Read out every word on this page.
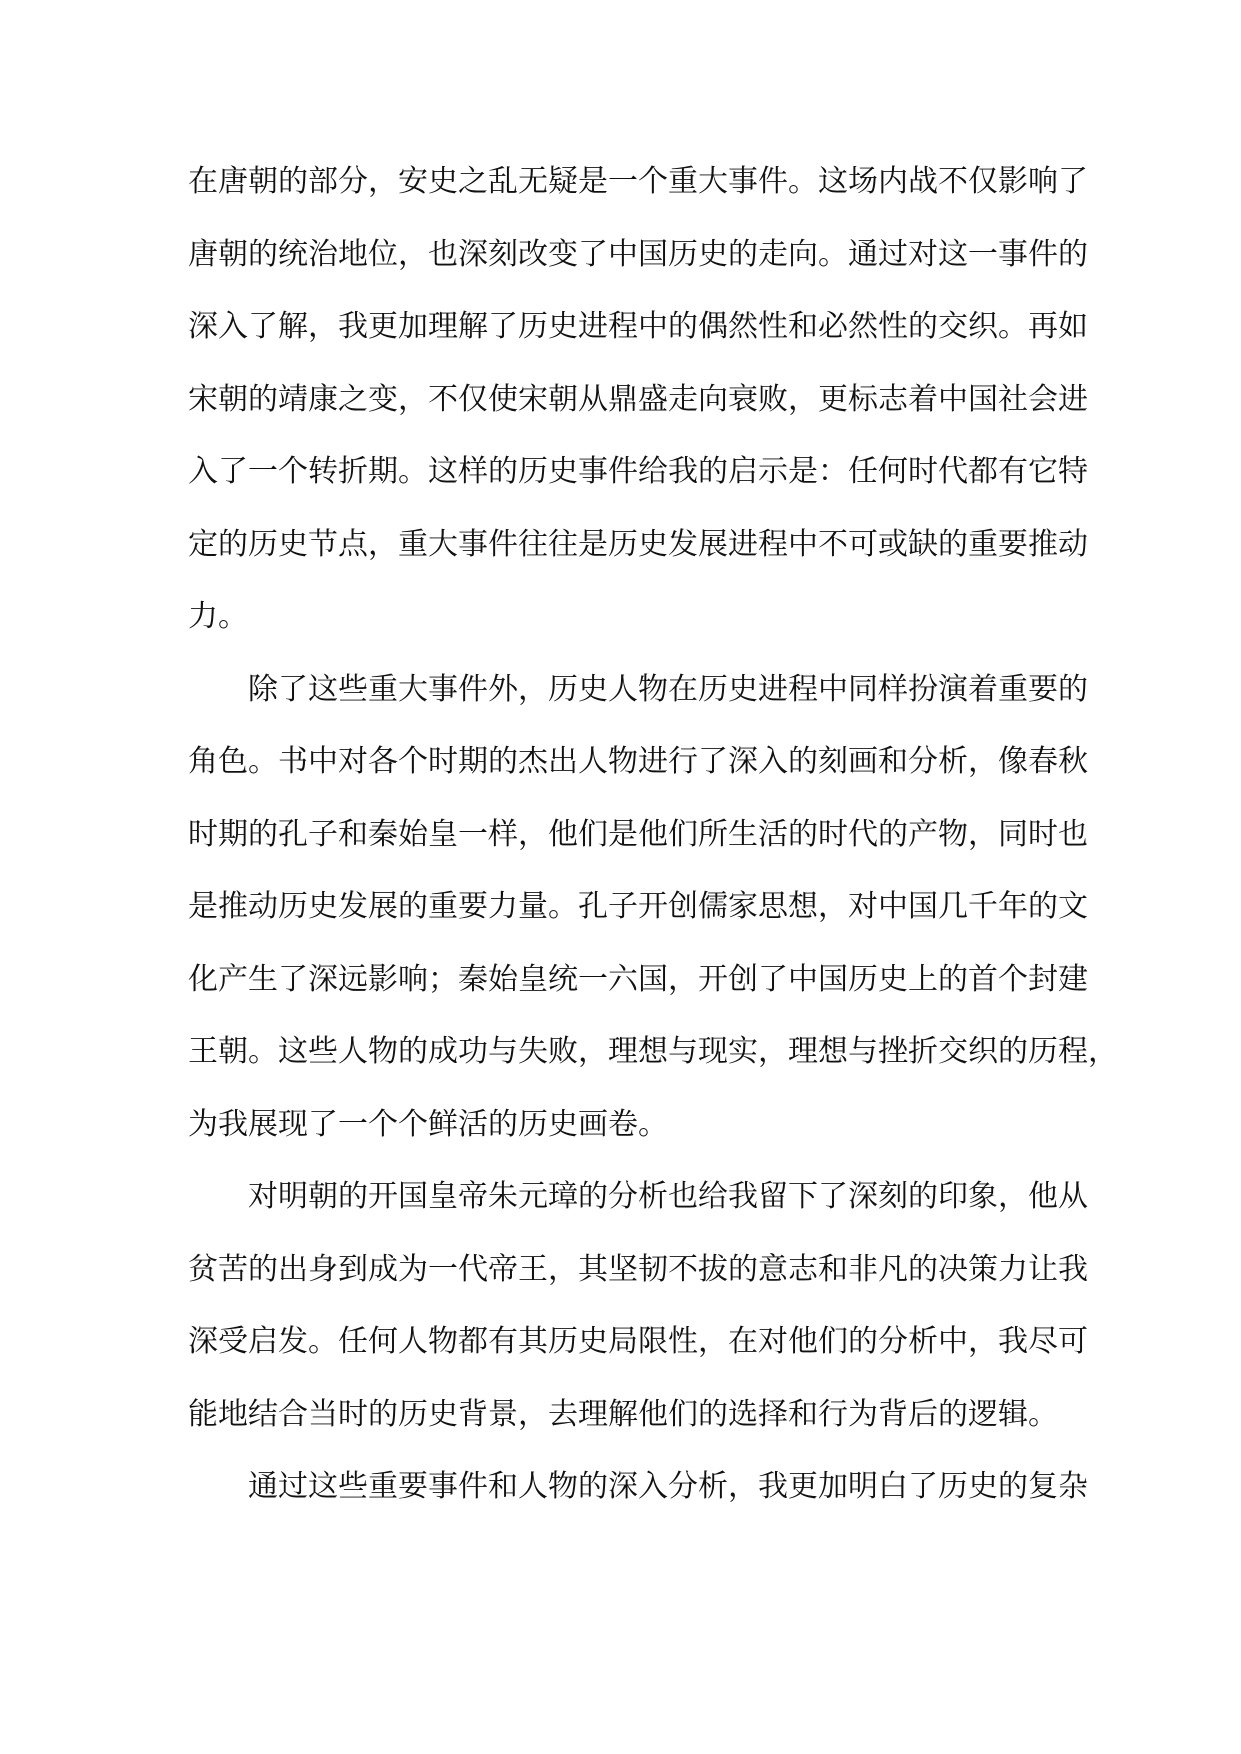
在唐朝的部分，安史之乱无疑是一个重大事件。这场内战不仅影响了
唐朝的统治地位，也深刻改变了中国历史的走向。通过对这一事件的
深入了解，我更加理解了历史进程中的偶然性和必然性的交织。再如
宋朝的靖康之变，不仅使宋朝从鼎盛走向衰败，更标志着中国社会进
入了一个转折期。这样的历史事件给我的启示是：任何时代都有它特
定的历史节点，重大事件往往是历史发展进程中不可或缺的重要推动
力。
除了这些重大事件外，历史人物在历史进程中同样扮演着重要的
角色。书中对各个时期的杰出人物进行了深入的刻画和分析，像春秋
时期的孔子和秦始皇一样，他们是他们所生活的时代的产物，同时也
是推动历史发展的重要力量。孔子开创儒家思想，对中国几千年的文
化产生了深远影响；秦始皇统一六国，开创了中国历史上的首个封建
王朝。这些人物的成功与失败，理想与现实，理想与挫折交织的历程，
为我展现了一个个鲜活的历史画卷。
对明朝的开国皇帝朱元璋的分析也给我留下了深刻的印象，他从
贫苦的出身到成为一代帝王，其坚韧不拔的意志和非凡的决策力让我
深受启发。任何人物都有其历史局限性，在对他们的分析中，我尽可
能地结合当时的历史背景，去理解他们的选择和行为背后的逻辑。
通过这些重要事件和人物的深入分析，我更加明白了历史的复杂
